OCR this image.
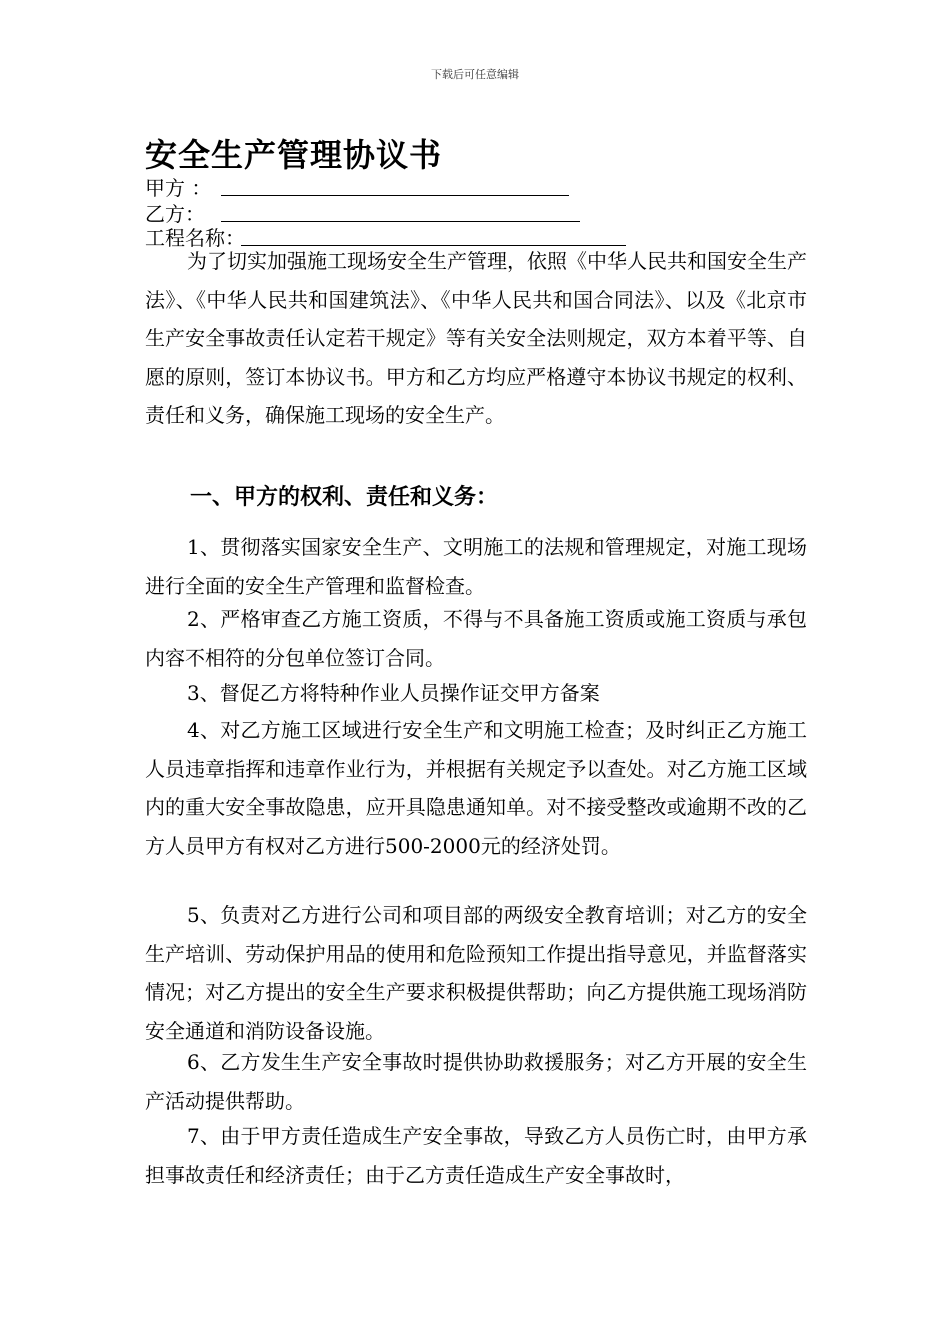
下载后可任意编辑
安全生产管理协议书
甲方 ：
乙方：
工程名称：

为了切实加强施工现场安全生产管理，依照《中华人民共和国安全生产法》、《中华人民共和国建筑法》、《中华人民共和国合同法》、以及《北京市生产安全事故责任认定若干规定》等有关安全法则规定，双方本着平等、自愿的原则，签订本协议书。甲方和乙方均应严格遵守本协议书规定的权利、责任和义务，确保施工现场的安全生产。

一、甲方的权利、责任和义务：

1、贯彻落实国家安全生产、文明施工的法规和管理规定，对施工现场进行全面的安全生产管理和监督检查。

2、严格审查乙方施工资质，不得与不具备施工资质或施工资质与承包内容不相符的分包单位签订合同。

3、督促乙方将特种作业人员操作证交甲方备案

4、对乙方施工区域进行安全生产和文明施工检查；及时纠正乙方施工人员违章指挥和违章作业行为，并根据有关规定予以查处。对乙方施工区域内的重大安全事故隐患，应开具隐患通知单。对不接受整改或逾期不改的乙方人员甲方有权对乙方进行500-2000元的经济处罚。

5、负责对乙方进行公司和项目部的两级安全教育培训；对乙方的安全生产培训、劳动保护用品的使用和危险预知工作提出指导意见，并监督落实情况；对乙方提出的安全生产要求积极提供帮助；向乙方提供施工现场消防安全通道和消防设备设施。

6、乙方发生生产安全事故时提供协助救援服务；对乙方开展的安全生产活动提供帮助。

7、由于甲方责任造成生产安全事故，导致乙方人员伤亡时，由甲方承担事故责任和经济责任；由于乙方责任造成生产安全事故时，
